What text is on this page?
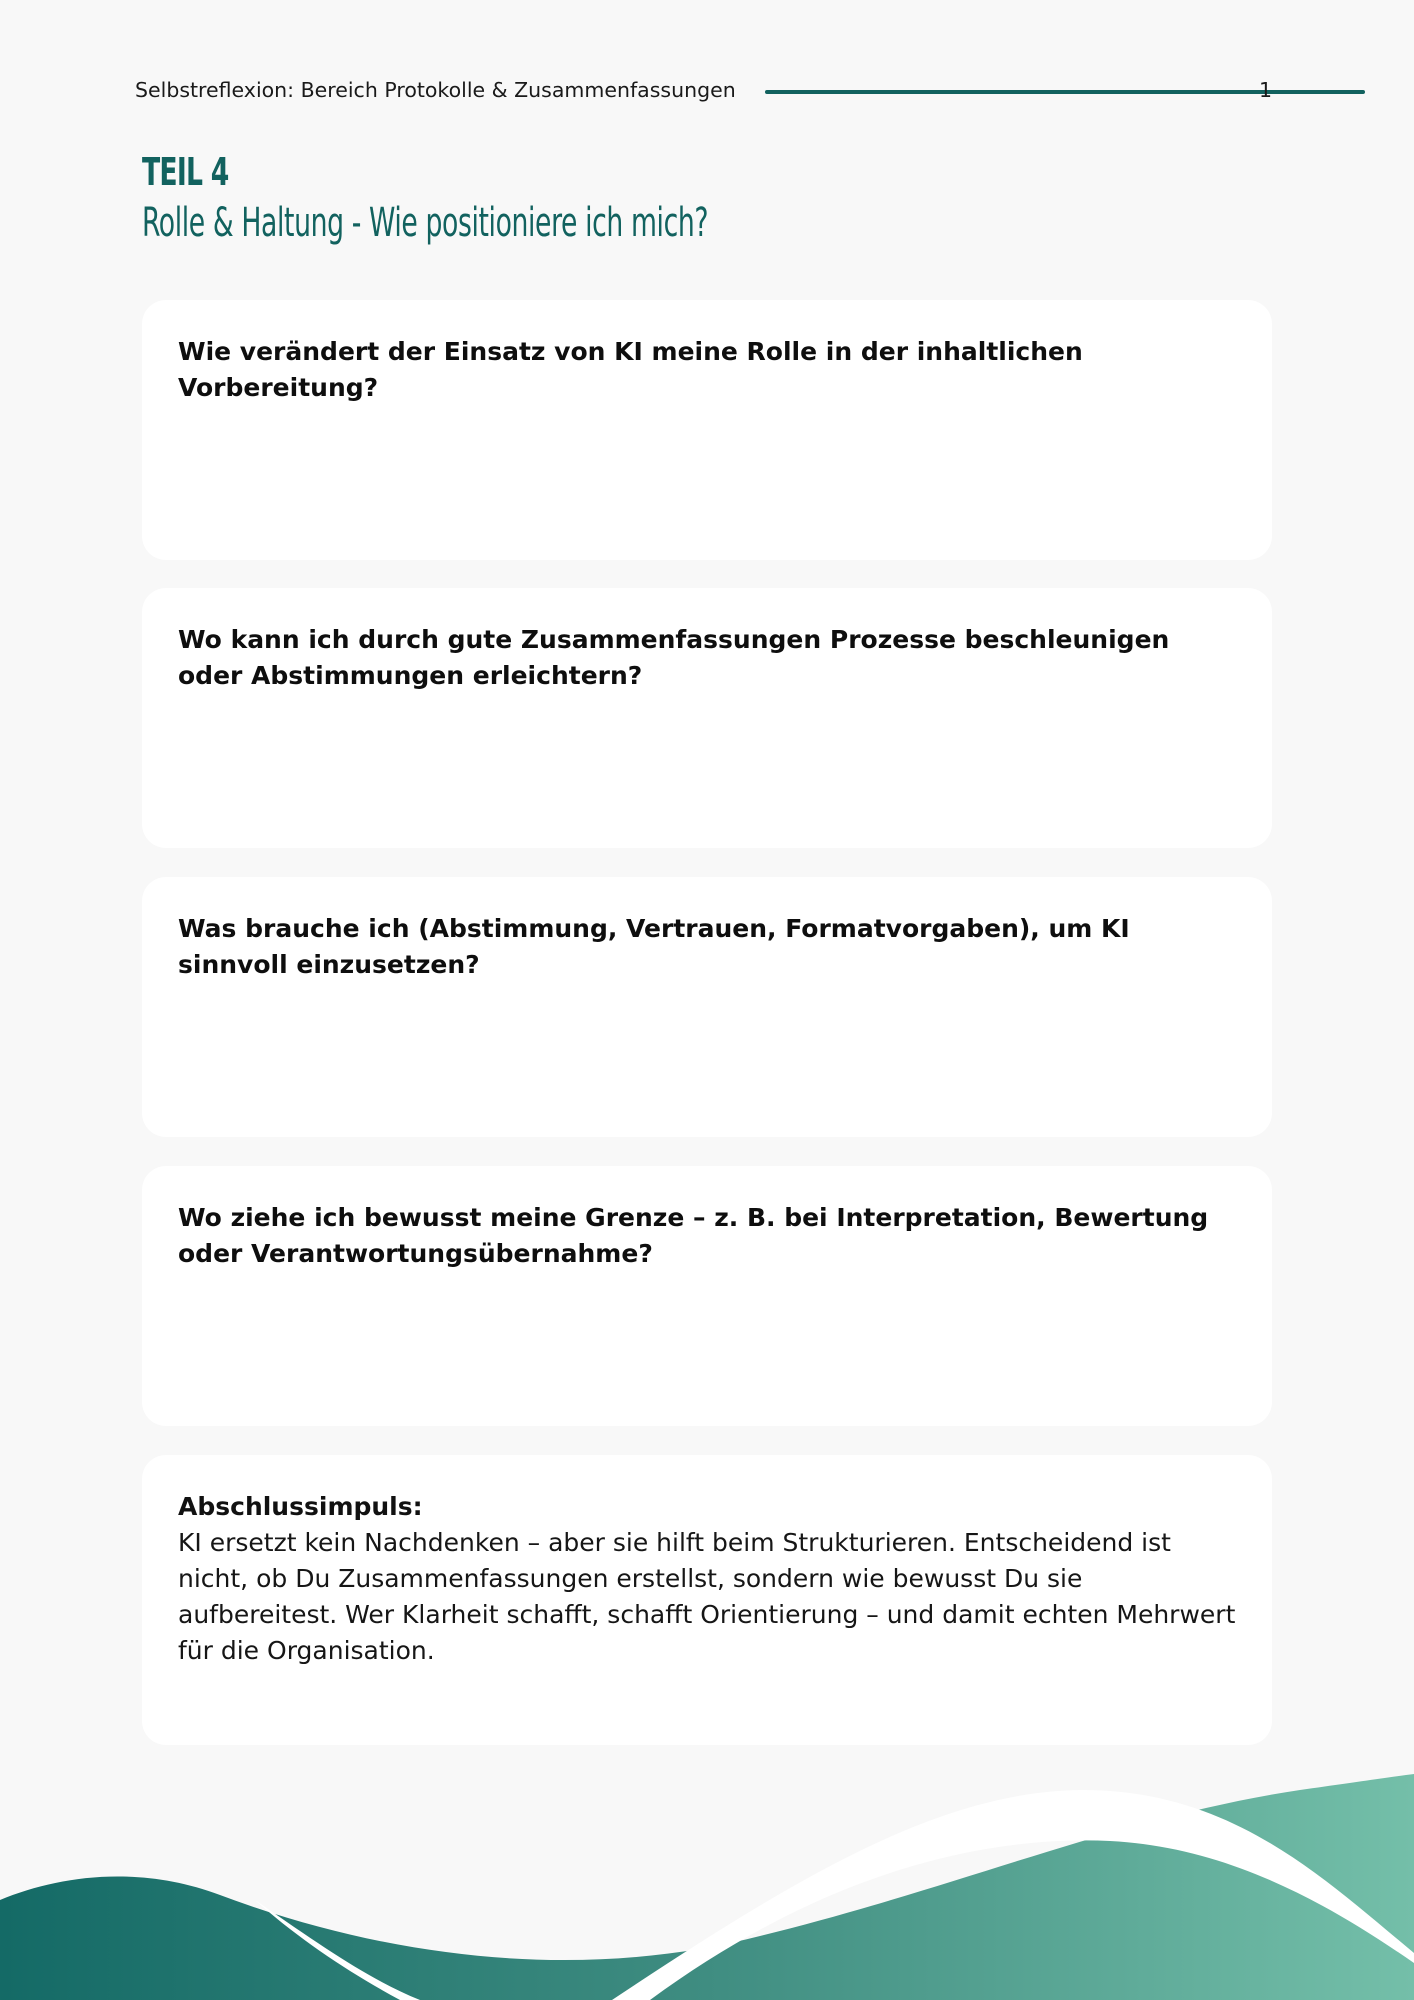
Selbstreflexion: Bereich Protokolle & Zusammenfassungen	1
TEIL 4
Rolle & Haltung - Wie positioniere ich mich?
Wie verändert der Einsatz von KI meine Rolle in der inhaltlichen Vorbereitung?
Wo kann ich durch gute Zusammenfassungen Prozesse beschleunigen oder Abstimmungen erleichtern?
Was brauche ich (Abstimmung, Vertrauen, Formatvorgaben), um KI sinnvoll einzusetzen?
Wo ziehe ich bewusst meine Grenze – z. B. bei Interpretation, Bewertung oder Verantwortungsübernahme?
Abschlussimpuls:
KI ersetzt kein Nachdenken – aber sie hilft beim Strukturieren. Entscheidend ist nicht, ob Du Zusammenfassungen erstellst, sondern wie bewusst Du sie aufbereitest. Wer Klarheit schafft, schafft Orientierung – und damit echten Mehrwert für die Organisation.
